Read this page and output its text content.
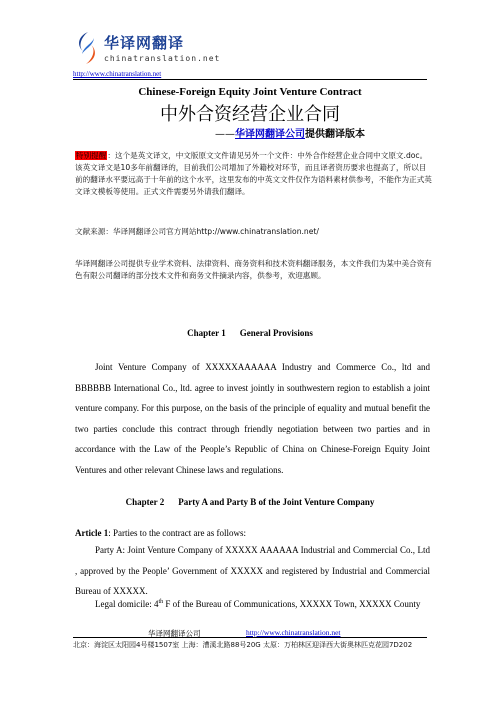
华译网翻译
chinatranslation.net
http://www.chinatranslation.net
Chinese-Foreign Equity Joint Venture Contract
中外合资经营企业合同
——华译网翻译公司提供翻译版本
特别提醒：这个是英文译文，中文版原文文件请见另外一个文件：中外合作经营企业合同中文原文.doc。该英文译文是10多年前翻译的，目前我们公司增加了外籍校对环节，而且译者资历要求也提高了，所以目前的翻译水平要远高于十年前的这个水平，这里发布的中英文文件仅作为语料素材供参考，不能作为正式英文译文模板等使用。正式文件需要另外请我们翻译。
文献来源：华译网翻译公司官方网站http://www.chinatranslation.net/
华译网翻译公司提供专业学术资料、法律资料、商务资料和技术资料翻译服务，本文件我们为某中美合资有色有限公司翻译的部分技术文件和商务文件摘录内容，供参考，欢迎惠顾。
Chapter 1 General Provisions
Joint Venture Company of XXXXXAAAAAA Industry and Commerce Co., ltd and BBBBBB International Co., ltd. agree to invest jointly in southwestern region to establish a joint venture company. For this purpose, on the basis of the principle of equality and mutual benefit the two parties conclude this contract through friendly negotiation between two parties and in accordance with the Law of the People’s Republic of China on Chinese-Foreign Equity Joint Ventures and other relevant Chinese laws and regulations.
Chapter 2 Party A and Party B of the Joint Venture Company
Article 1: Parties to the contract are as follows:
Party A: Joint Venture Company of XXXXX AAAAAA Industrial and Commercial Co., Ltd , approved by the People’ Government of XXXXX and registered by Industrial and Commercial Bureau of XXXXX.
Legal domicile: 4th F of the Bureau of Communications, XXXXX Town, XXXXX County
华译网翻译公司	http://www.chinatranslation.net
北京：海淀区太阳园4号楼1507室 上海：漕溪北路88号20G 太原：万柏林区迎泽西大街奥林匹克花园7D202
